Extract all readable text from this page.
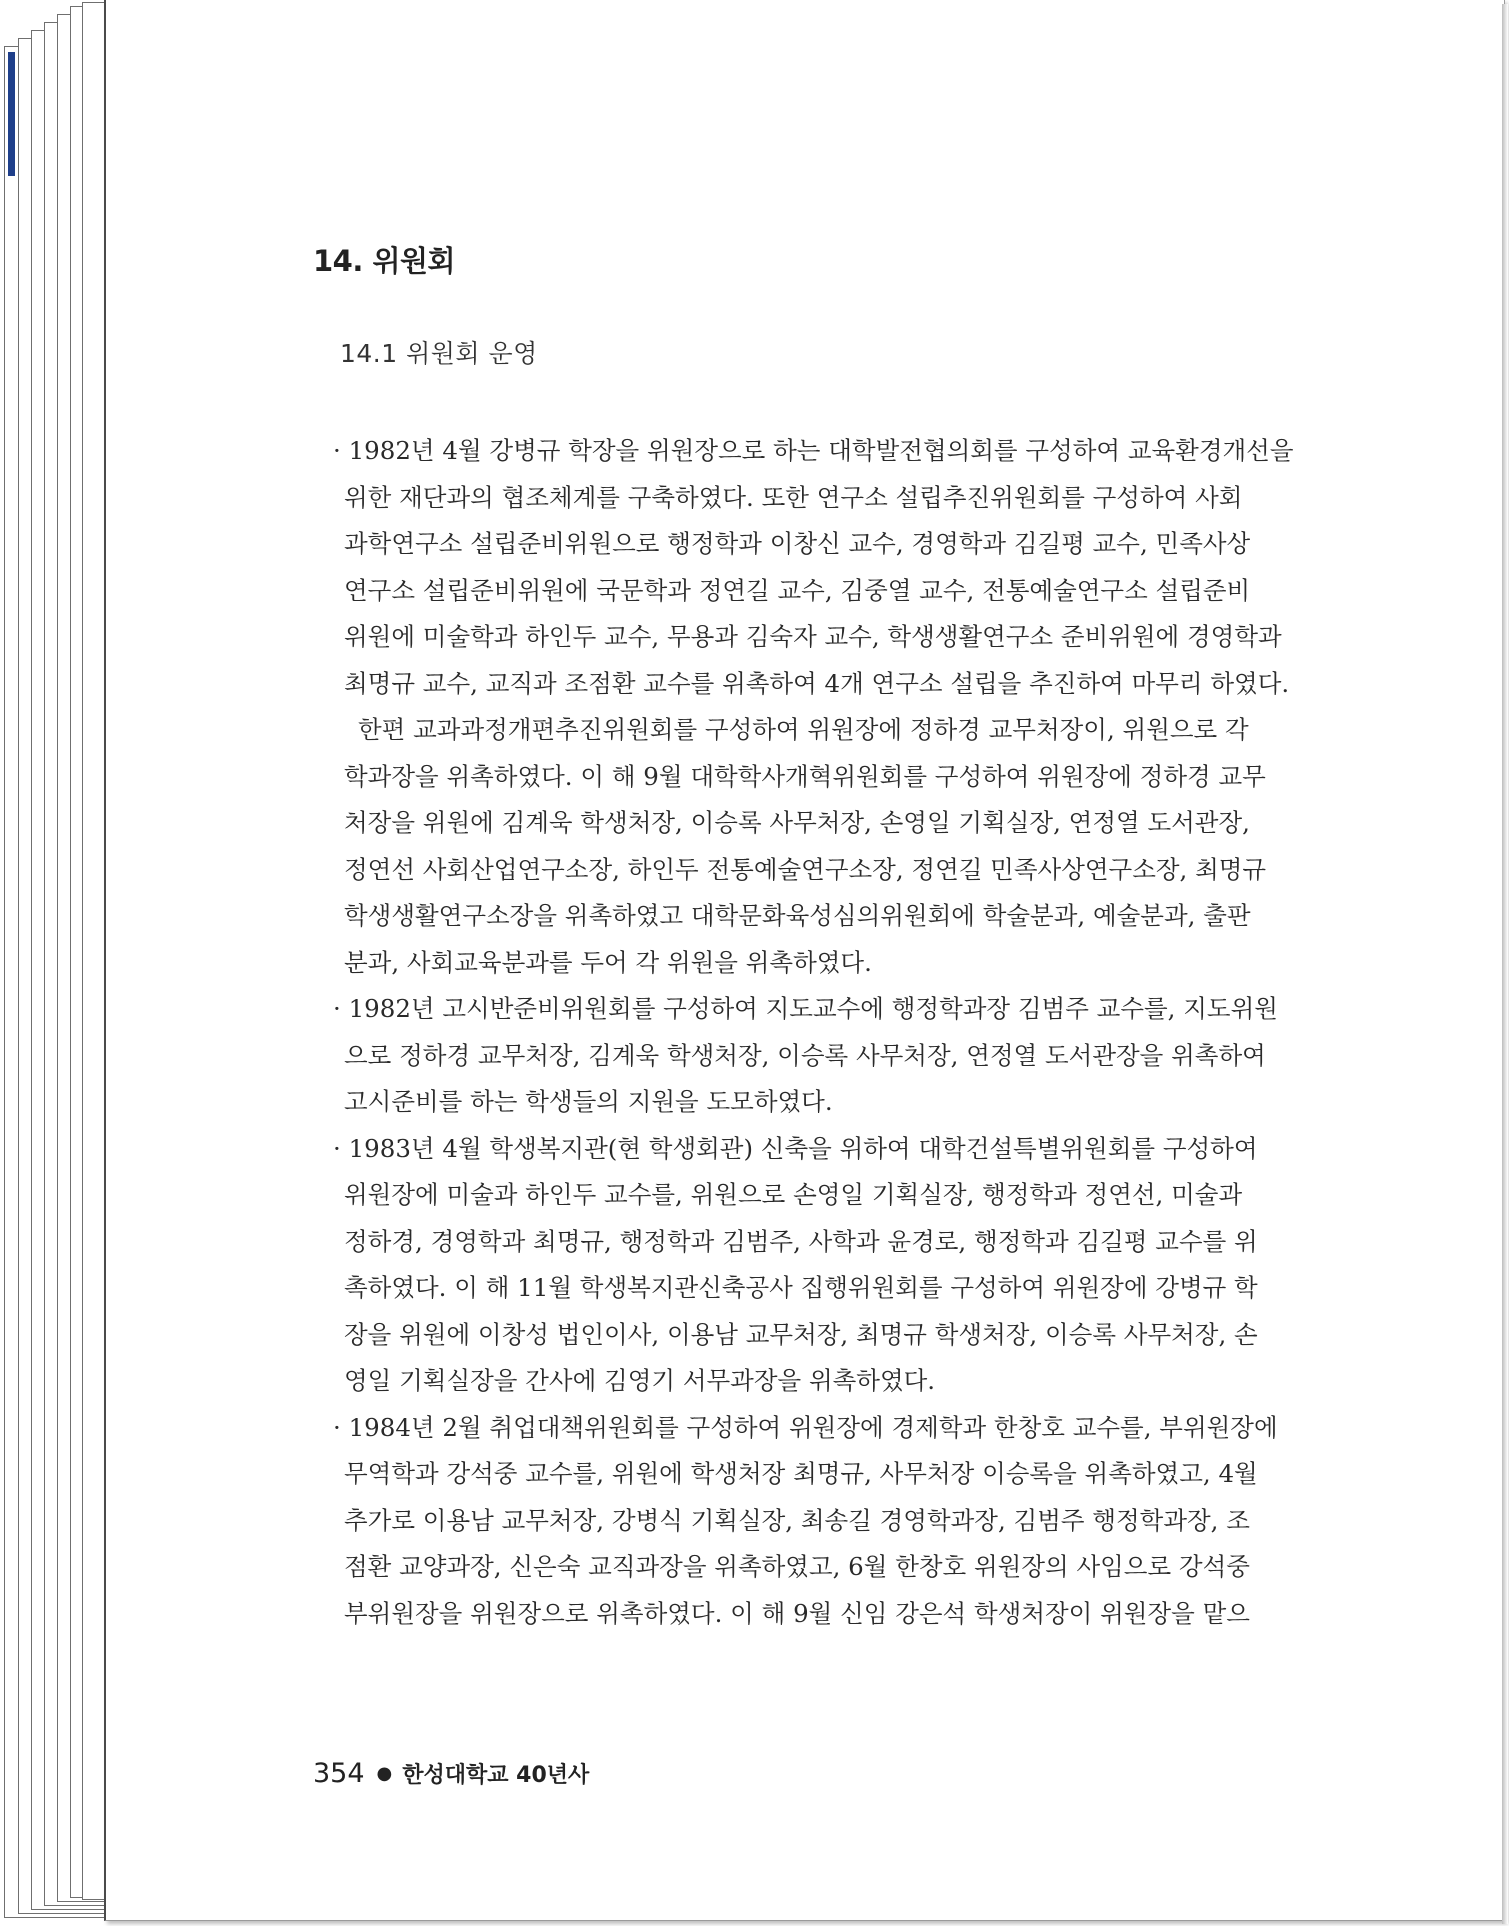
14. 위원회
14.1 위원회 운영
· 1982년 4월 강병규 학장을 위원장으로 하는 대학발전협의회를 구성하여 교육환경개선을
위한 재단과의 협조체계를 구축하였다. 또한 연구소 설립추진위원회를 구성하여 사회
과학연구소 설립준비위원으로 행정학과 이창신 교수, 경영학과 김길평 교수, 민족사상
연구소 설립준비위원에 국문학과 정연길 교수, 김중열 교수, 전통예술연구소 설립준비
위원에 미술학과 하인두 교수, 무용과 김숙자 교수, 학생생활연구소 준비위원에 경영학과
최명규 교수, 교직과 조점환 교수를 위촉하여 4개 연구소 설립을 추진하여 마무리 하였다.
한편 교과과정개편추진위원회를 구성하여 위원장에 정하경 교무처장이, 위원으로 각
학과장을 위촉하였다. 이 해 9월 대학학사개혁위원회를 구성하여 위원장에 정하경 교무
처장을 위원에 김계욱 학생처장, 이승록 사무처장, 손영일 기획실장, 연정열 도서관장,
정연선 사회산업연구소장, 하인두 전통예술연구소장, 정연길 민족사상연구소장, 최명규
학생생활연구소장을 위촉하였고 대학문화육성심의위원회에 학술분과, 예술분과, 출판
분과, 사회교육분과를 두어 각 위원을 위촉하였다.
· 1982년 고시반준비위원회를 구성하여 지도교수에 행정학과장 김범주 교수를, 지도위원
으로 정하경 교무처장, 김계욱 학생처장, 이승록 사무처장, 연정열 도서관장을 위촉하여
고시준비를 하는 학생들의 지원을 도모하였다.
· 1983년 4월 학생복지관(현 학생회관) 신축을 위하여 대학건설특별위원회를 구성하여
위원장에 미술과 하인두 교수를, 위원으로 손영일 기획실장, 행정학과 정연선, 미술과
정하경, 경영학과 최명규, 행정학과 김범주, 사학과 윤경로, 행정학과 김길평 교수를 위
촉하였다. 이 해 11월 학생복지관신축공사 집행위원회를 구성하여 위원장에 강병규 학
장을 위원에 이창성 법인이사, 이용남 교무처장, 최명규 학생처장, 이승록 사무처장, 손
영일 기획실장을 간사에 김영기 서무과장을 위촉하였다.
· 1984년 2월 취업대책위원회를 구성하여 위원장에 경제학과 한창호 교수를, 부위원장에
무역학과 강석중 교수를, 위원에 학생처장 최명규, 사무처장 이승록을 위촉하였고, 4월
추가로 이용남 교무처장, 강병식 기획실장, 최송길 경영학과장, 김범주 행정학과장, 조
점환 교양과장, 신은숙 교직과장을 위촉하였고, 6월 한창호 위원장의 사임으로 강석중
부위원장을 위원장으로 위촉하였다. 이 해 9월 신임 강은석 학생처장이 위원장을 맡으
354 ● 한성대학교 40년사
